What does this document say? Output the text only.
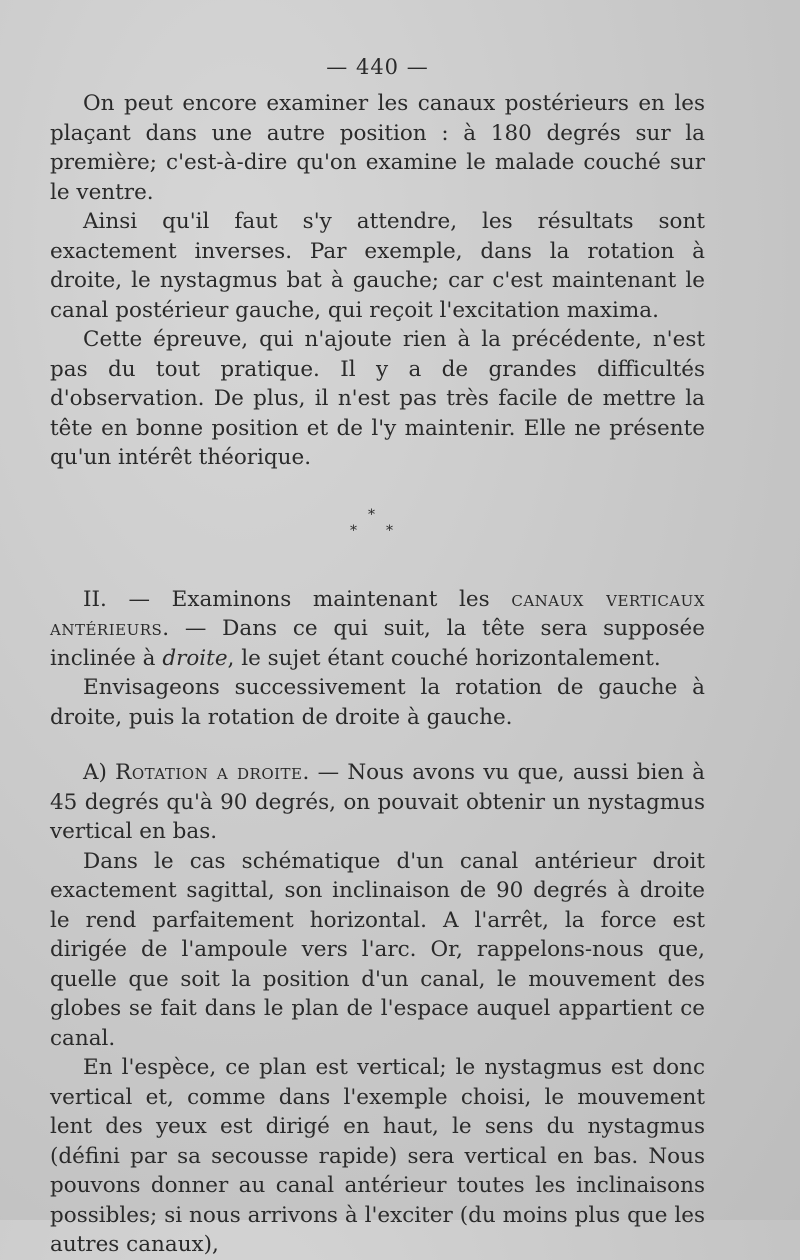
— 440 —

On peut encore examiner les canaux postérieurs en les plaçant dans une autre position : à 180 degrés sur la première; c'est-à-dire qu'on examine le malade couché sur le ventre.

Ainsi qu'il faut s'y attendre, les résultats sont exactement inverses. Par exemple, dans la rotation à droite, le nystagmus bat à gauche; car c'est maintenant le canal postérieur gauche, qui reçoit l'excitation maxima.

Cette épreuve, qui n'ajoute rien à la précédente, n'est pas du tout pratique. Il y a de grandes difficultés d'observation. De plus, il n'est pas très facile de mettre la tête en bonne position et de l'y maintenir. Elle ne présente qu'un intérêt théorique.

*
* *

II. — Examinons maintenant les canaux verticaux antérieurs. — Dans ce qui suit, la tête sera supposée inclinée à droite, le sujet étant couché horizontalement.

Envisageons successivement la rotation de gauche à droite, puis la rotation de droite à gauche.

A) Rotation a droite. — Nous avons vu que, aussi bien à 45 degrés qu'à 90 degrés, on pouvait obtenir un nystagmus vertical en bas.

Dans le cas schématique d'un canal antérieur droit exactement sagittal, son inclinaison de 90 degrés à droite le rend parfaitement horizontal. A l'arrêt, la force est dirigée de l'ampoule vers l'arc. Or, rappelons-nous que, quelle que soit la position d'un canal, le mouvement des globes se fait dans le plan de l'espace auquel appartient ce canal.

En l'espèce, ce plan est vertical; le nystagmus est donc vertical et, comme dans l'exemple choisi, le mouvement lent des yeux est dirigé en haut, le sens du nystagmus (défini par sa secousse rapide) sera vertical en bas. Nous pouvons donner au canal antérieur toutes les inclinaisons possibles; si nous arrivons à l'exciter (du moins plus que les autres canaux),
